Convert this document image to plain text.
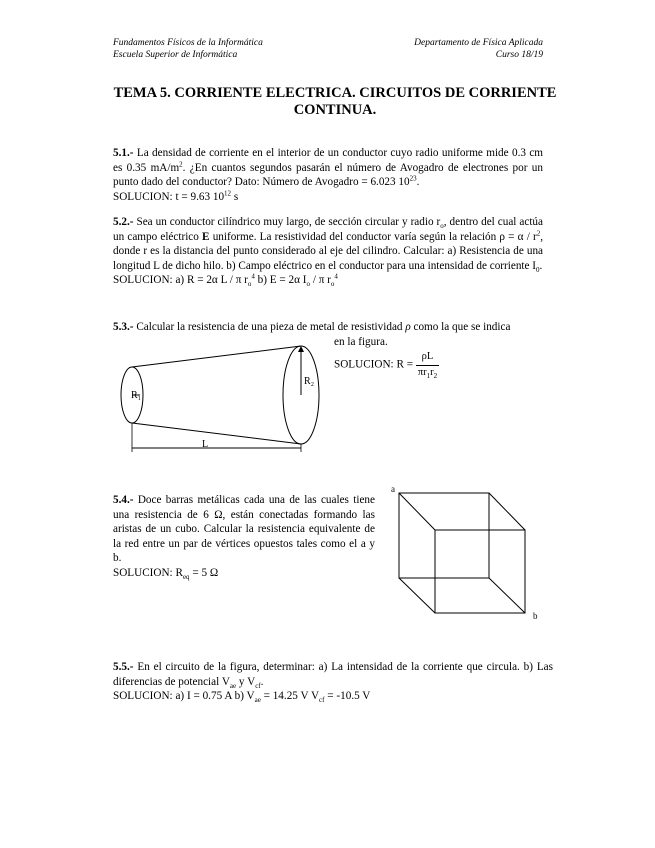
Fundamentos Físicos de la Informática
Escuela Superior de Informática
Departamento de Física Aplicada
Curso 18/19
TEMA 5. CORRIENTE ELECTRICA. CIRCUITOS DE CORRIENTE
CONTINUA.
5.1.- La densidad de corriente en el interior de un conductor cuyo radio uniforme mide 0.3 cm es 0.35 $mA/m^2$. ¿En cuantos segundos pasarán el número de Avogadro de electrones por un punto dado del conductor? Dato: Número de Avogadro = 6.023 $10^{23}$.
SOLUCION: t = 9.63 $10^{12}$ s
5.2.- Sea un conductor cilíndrico muy largo, de sección circular y radio $r_o$, dentro del cual actúa un campo eléctrico E uniforme. La resistividad del conductor varía según la relación $\rho = \alpha / r^2$, donde r es la distancia del punto considerado al eje del cilindro. Calcular: a) Resistencia de una longitud L de dicho hilo. b) Campo eléctrico en el conductor para una intensidad de corriente $I_0$.
SOLUCION: a) R = 2α L / π $r_o^4$ b) E = 2α $I_o$ / π $r_o^4$
5.3.- Calcular la resistencia de una pieza de metal de resistividad ρ como la que se indica
en la figura.
SOLUCION: $R = \frac{\rho L}{\pi r_1r_2}$
R₁
R₂
L
5.4.- Doce barras metálicas cada una de las cuales tiene una resistencia de 6 Ω, están conectadas formando las aristas de un cubo. Calcular la resistencia equivalente de la red entre un par de vértices opuestos tales como el a y b.
SOLUCION: $R_{eq} = 5$ Ω
a
b
5.5.- En el circuito de la figura, determinar: a) La intensidad de la corriente que circula. b) Las diferencias de potencial $V_{ae}$ y $V_{cf}$.
SOLUCION: a) I = 0.75 A b) $V_{ae} = 14.25$ V $V_{cf} = -10.5$ V
